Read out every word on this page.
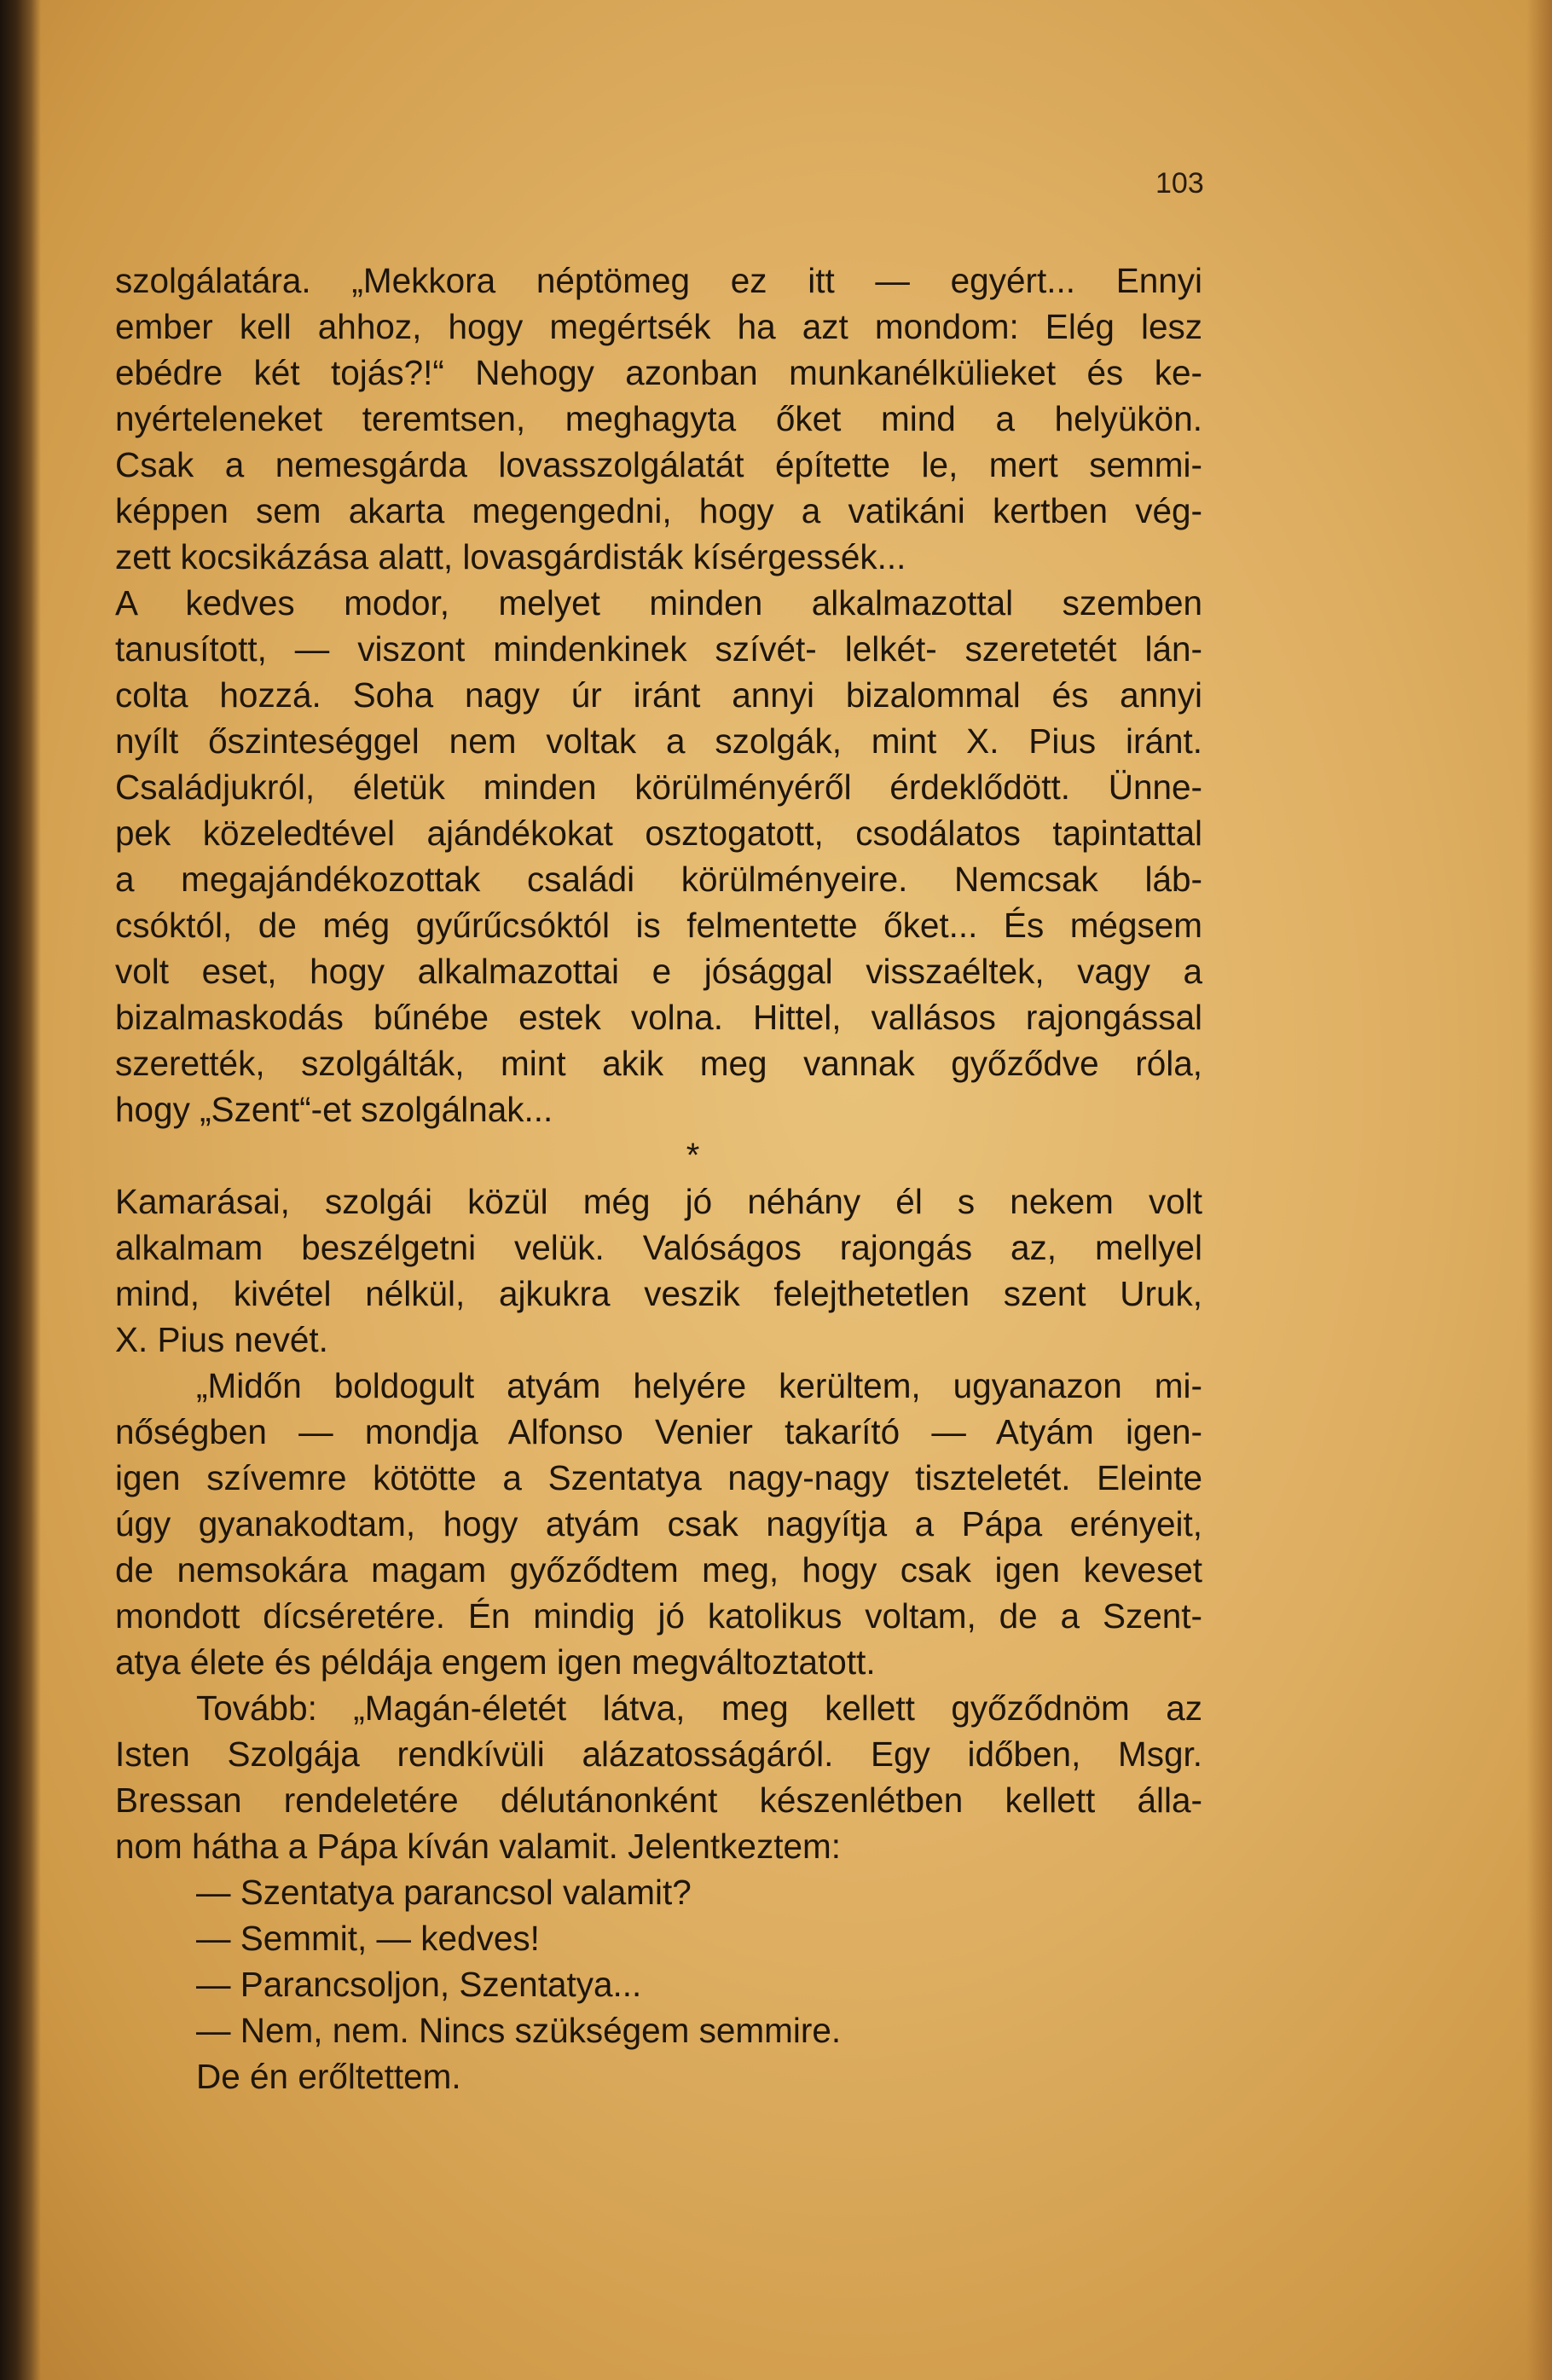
103
szolgálatára. „Mekkora néptömeg ez itt — egyért... Ennyi
ember kell ahhoz, hogy megértsék ha azt mondom: Elég lesz
ebédre két tojás?!“ Nehogy azonban munkanélkülieket és ke-
nyérteleneket teremtsen, meghagyta őket mind a helyükön.
Csak a nemesgárda lovasszolgálatát építette le, mert semmi-
képpen sem akarta megengedni, hogy a vatikáni kertben vég-
zett kocsikázása alatt, lovasgárdisták kísérgessék...
A kedves modor, melyet minden alkalmazottal szemben
tanusított, — viszont mindenkinek szívét- lelkét- szeretetét lán-
colta hozzá. Soha nagy úr iránt annyi bizalommal és annyi
nyílt őszinteséggel nem voltak a szolgák, mint X. Pius iránt.
Családjukról, életük minden körülményéről érdeklődött. Ünne-
pek közeledtével ajándékokat osztogatott, csodálatos tapintattal
a megajándékozottak családi körülményeire. Nemcsak láb-
csóktól, de még gyűrűcsóktól is felmentette őket... És mégsem
volt eset, hogy alkalmazottai e jósággal visszaéltek, vagy a
bizalmaskodás bűnébe estek volna. Hittel, vallásos rajongással
szerették, szolgálták, mint akik meg vannak győződve róla,
hogy „Szent“-et szolgálnak...
*
Kamarásai, szolgái közül még jó néhány él s nekem volt
alkalmam beszélgetni velük. Valóságos rajongás az, mellyel
mind, kivétel nélkül, ajkukra veszik felejthetetlen szent Uruk,
X. Pius nevét.
„Midőn boldogult atyám helyére kerültem, ugyanazon mi-
nőségben — mondja Alfonso Venier takarító — Atyám igen-
igen szívemre kötötte a Szentatya nagy-nagy tiszteletét. Eleinte
úgy gyanakodtam, hogy atyám csak nagyítja a Pápa erényeit,
de nemsokára magam győződtem meg, hogy csak igen keveset
mondott dícséretére. Én mindig jó katolikus voltam, de a Szent-
atya élete és példája engem igen megváltoztatott.
Tovább: „Magán-életét látva, meg kellett győződnöm az
Isten Szolgája rendkívüli alázatosságáról. Egy időben, Msgr.
Bressan rendeletére délutánonként készenlétben kellett álla-
nom hátha a Pápa kíván valamit. Jelentkeztem:
— Szentatya parancsol valamit?
— Semmit, — kedves!
— Parancsoljon, Szentatya...
— Nem, nem. Nincs szükségem semmire.
De én erőltettem.
